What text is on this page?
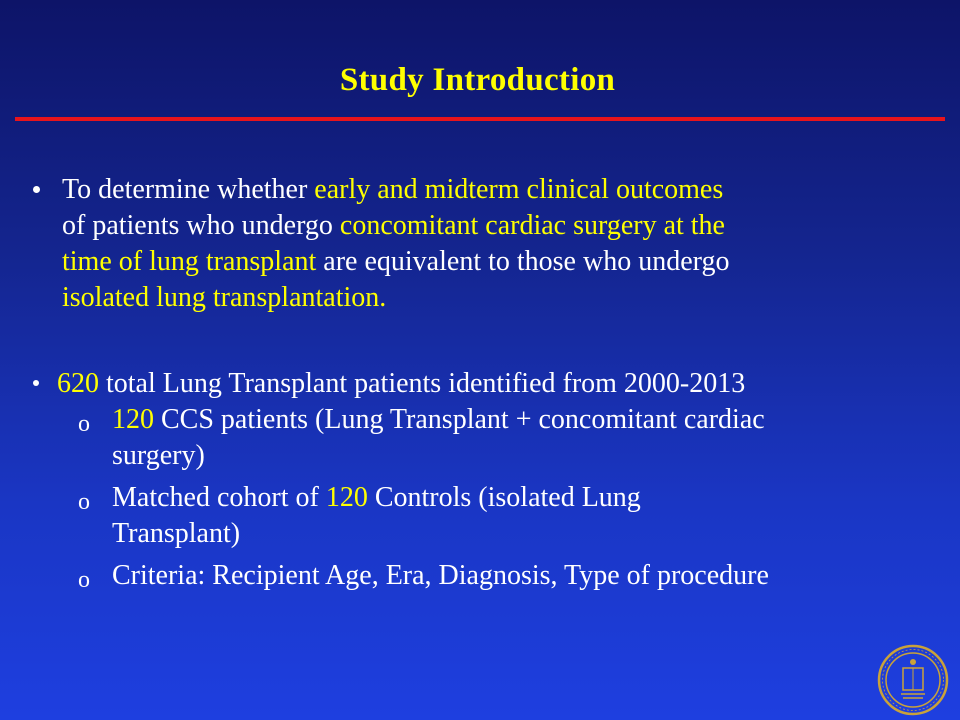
Study Introduction
To determine whether early and midterm clinical outcomes
of patients who undergo concomitant cardiac surgery at the
time of lung transplant are equivalent to those who undergo
isolated lung transplantation.
620 total Lung Transplant patients identified from 2000-2013
o 120 CCS patients (Lung Transplant + concomitant cardiac
surgery)
o Matched cohort of 120 Controls (isolated Lung
Transplant)
o Criteria: Recipient Age, Era, Diagnosis, Type of procedure
